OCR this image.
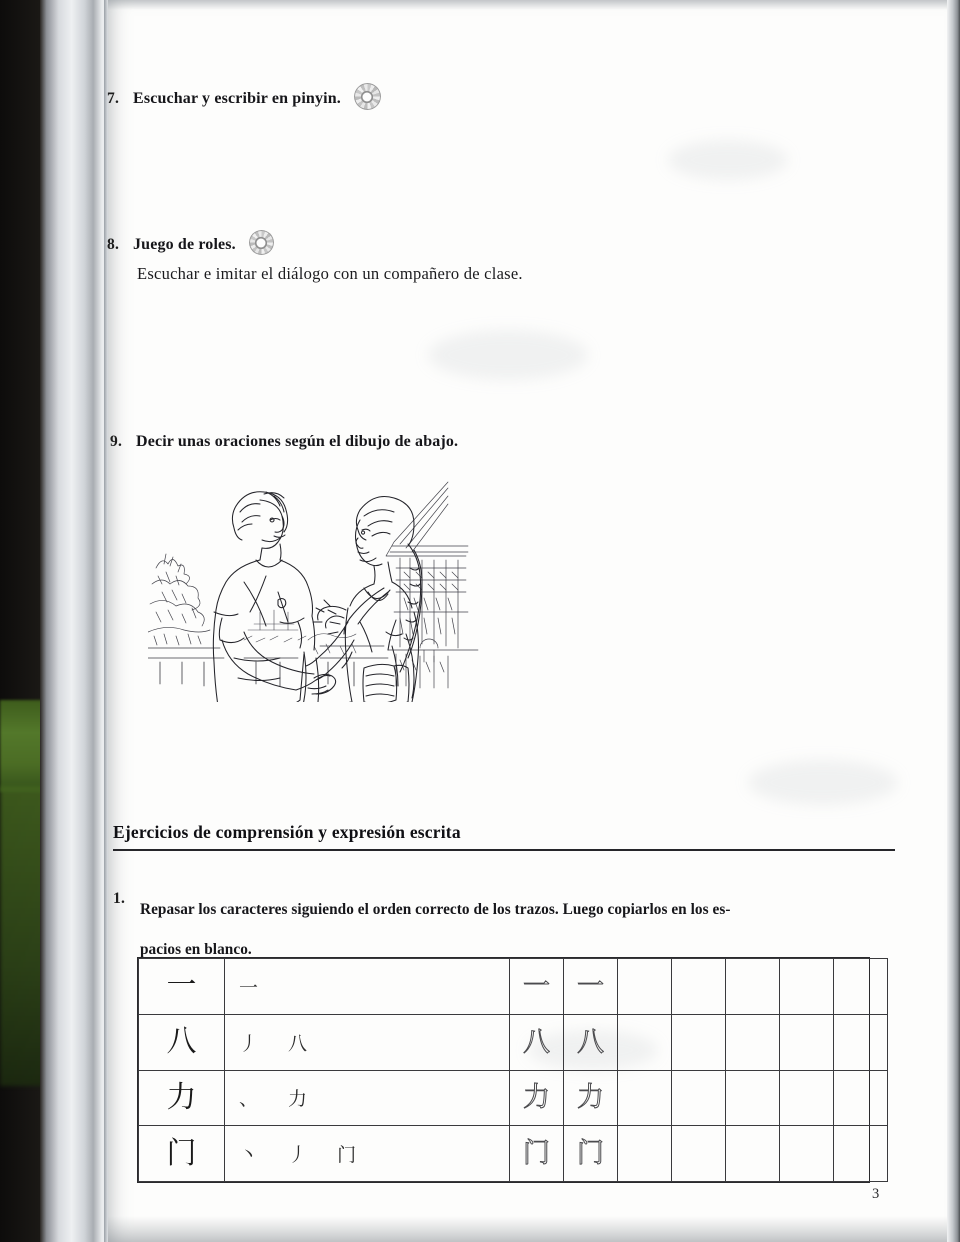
7. Escuchar y escribir en pinyin.
8. Juego de roles.
Escuchar e imitar el diálogo con un compañero de clase.
9. Decir unas oraciones según el dibujo de abajo.
Ejercicios de comprensión y expresión escrita
1.
Repasar los caracteres siguiendo el orden correcto de los trazos. Luego copiarlos en los es-
pacios en blanco.
一	一	一	一					
八	丿 八	八	八					
力	、 力	力	力					
门	丶 丿 门	门	门					
3
